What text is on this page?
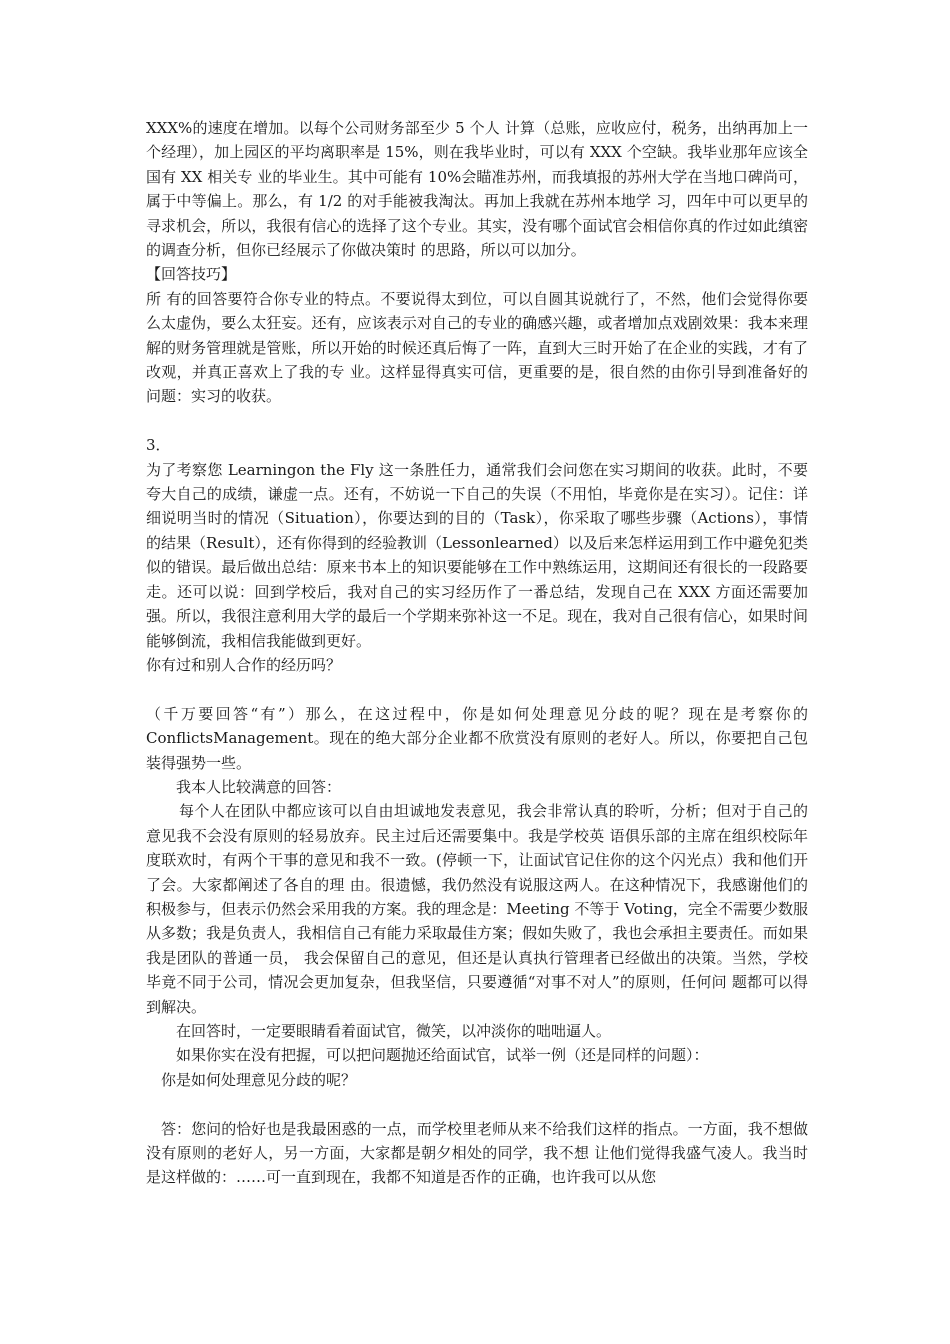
XXX%的速度在增加。以每个公司财务部至少 5 个人 计算（总账，应收应付，税务，出纳再加上一个经理），加上园区的平均离职率是 15%，则在我毕业时，可以有 XXX 个空缺。我毕业那年应该全国有 XX 相关专 业的毕业生。其中可能有 10%会瞄准苏州，而我填报的苏州大学在当地口碑尚可，属于中等偏上。那么，有 1/2 的对手能被我淘汰。再加上我就在苏州本地学 习，四年中可以更早的寻求机会，所以，我很有信心的选择了这个专业。其实，没有哪个面试官会相信你真的作过如此缜密的调查分析，但你已经展示了你做决策时 的思路，所以可以加分。

【回答技巧】

所 有的回答要符合你专业的特点。不要说得太到位，可以自圆其说就行了，不然，他们会觉得你要么太虚伪，要么太狂妄。还有，应该表示对自己的专业的确感兴趣，或者增加点戏剧效果：我本来理解的财务管理就是管账，所以开始的时候还真后悔了一阵，直到大三时开始了在企业的实践，才有了改观，并真正喜欢上了我的专 业。这样显得真实可信，更重要的是，很自然的由你引导到准备好的问题：实习的收获。

3．

为了考察您 Learningon the Fly 这一条胜任力，通常我们会问您在实习期间的收获。此时，不要夸大自己的成绩，谦虚一点。还有，不妨说一下自己的失误（不用怕，毕竟你是在实习）。记住：详细说明当时的情况（Situation），你要达到的目的（Task），你采取了哪些步骤（Actions），事情的结果（Result），还有你得到的经验教训（Lessonlearned）以及后来怎样运用到工作中避免犯类似的错误。最后做出总结：原来书本上的知识要能够在工作中熟练运用，这期间还有很长的一段路要走。还可以说：回到学校后，我对自己的实习经历作了一番总结，发现自己在 XXX 方面还需要加强。所以，我很注意利用大学的最后一个学期来弥补这一不足。现在，我对自己很有信心，如果时间能够倒流，我相信我能做到更好。

你有过和别人合作的经历吗？

（千万要回答“有”）那么，在这过程中，你是如何处理意见分歧的呢？现在是考察你的 ConflictsManagement。现在的绝大部分企业都不欣赏没有原则的老好人。所以，你要把自己包装得强势一些。

我本人比较满意的回答：

每个人在团队中都应该可以自由坦诚地发表意见，我会非常认真的聆听，分析；但对于自己的意见我不会没有原则的轻易放弃。民主过后还需要集中。我是学校英 语俱乐部的主席在组织校际年度联欢时，有两个干事的意见和我不一致。(停顿一下，让面试官记住你的这个闪光点）我和他们开了会。大家都阐述了各自的理 由。很遗憾，我仍然没有说服这两人。在这种情况下，我感谢他们的积极参与，但表示仍然会采用我的方案。我的理念是：Meeting 不等于 Voting，完全不需要少数服从多数；我是负责人，我相信自己有能力采取最佳方案；假如失败了，我也会承担主要责任。而如果我是团队的普通一员， 我会保留自己的意见，但还是认真执行管理者已经做出的决策。当然，学校毕竟不同于公司，情况会更加复杂，但我坚信，只要遵循“对事不对人”的原则，任何问 题都可以得到解决。

在回答时，一定要眼睛看着面试官，微笑，以冲淡你的咄咄逼人。

如果你实在没有把握，可以把问题抛还给面试官，试举一例（还是同样的问题）：

你是如何处理意见分歧的呢？

答：您问的恰好也是我最困惑的一点，而学校里老师从来不给我们这样的指点。一方面，我不想做没有原则的老好人，另一方面，大家都是朝夕相处的同学，我不想 让他们觉得我盛气凌人。我当时是这样做的：……可一直到现在，我都不知道是否作的正确，也许我可以从您
